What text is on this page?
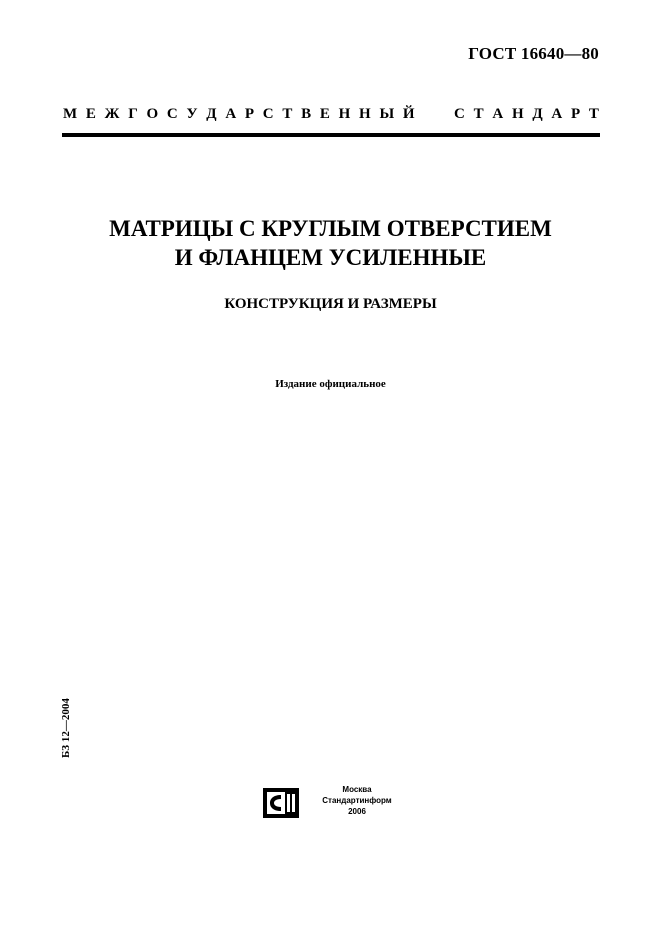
ГОСТ 16640—80
М Е Ж Г О С У Д А Р С Т В Е Н Н Ы Й	С Т А Н Д А Р Т
МАТРИЦЫ С КРУГЛЫМ ОТВЕРСТИЕМ
И ФЛАНЦЕМ УСИЛЕННЫЕ
КОНСТРУКЦИЯ И РАЗМЕРЫ
Издание официальное
БЗ 12—2004
Москва
Стандартинформ
2006
